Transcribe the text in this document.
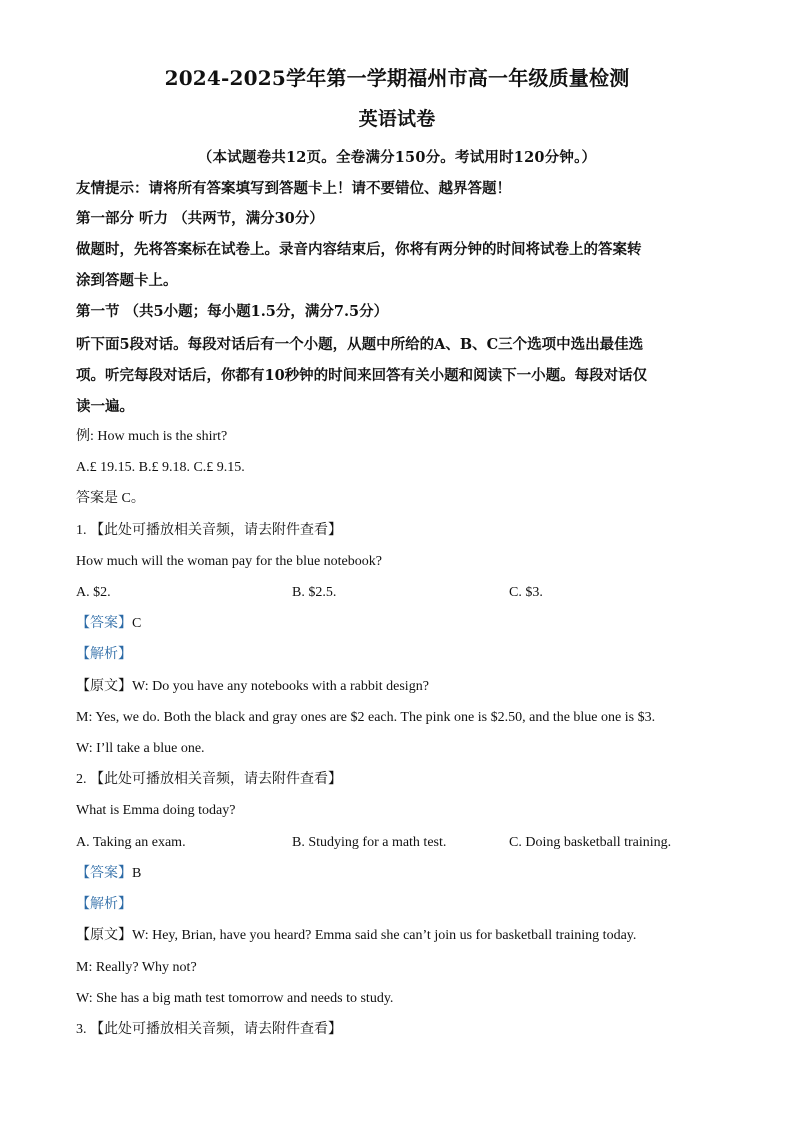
2024-2025学年第一学期福州市高一年级质量检测
英语试卷
（本试题卷共12页。全卷满分150分。考试用时120分钟。）
友情提示：请将所有答案填写到答题卡上！请不要错位、越界答题！
第一部分 听力 （共两节，满分30分）
做题时，先将答案标在试卷上。录音内容结束后，你将有两分钟的时间将试卷上的答案转
涂到答题卡上。
第一节 （共5小题；每小题1.5分，满分7.5分）
听下面5段对话。每段对话后有一个小题，从题中所给的A、B、C三个选项中选出最佳选
项。听完每段对话后，你都有10秒钟的时间来回答有关小题和阅读下一小题。每段对话仅
读一遍。
例: How much is the shirt?
A.£ 19.15. B.£ 9.18. C.£ 9.15.
答案是 C。
1. 【此处可播放相关音频，请去附件查看】
How much will the woman pay for the blue notebook?
A. $2.	B. $2.5.	C. $3.
【答案】C
【解析】
【原文】W: Do you have any notebooks with a rabbit design?
M: Yes, we do. Both the black and gray ones are $2 each. The pink one is $2.50, and the blue one is $3.
W: I’ll take a blue one.
2. 【此处可播放相关音频，请去附件查看】
What is Emma doing today?
A. Taking an exam.	B. Studying for a math test.	C. Doing basketball training.
【答案】B
【解析】
【原文】W: Hey, Brian, have you heard? Emma said she can’t join us for basketball training today.
M: Really? Why not?
W: She has a big math test tomorrow and needs to study.
3. 【此处可播放相关音频，请去附件查看】
